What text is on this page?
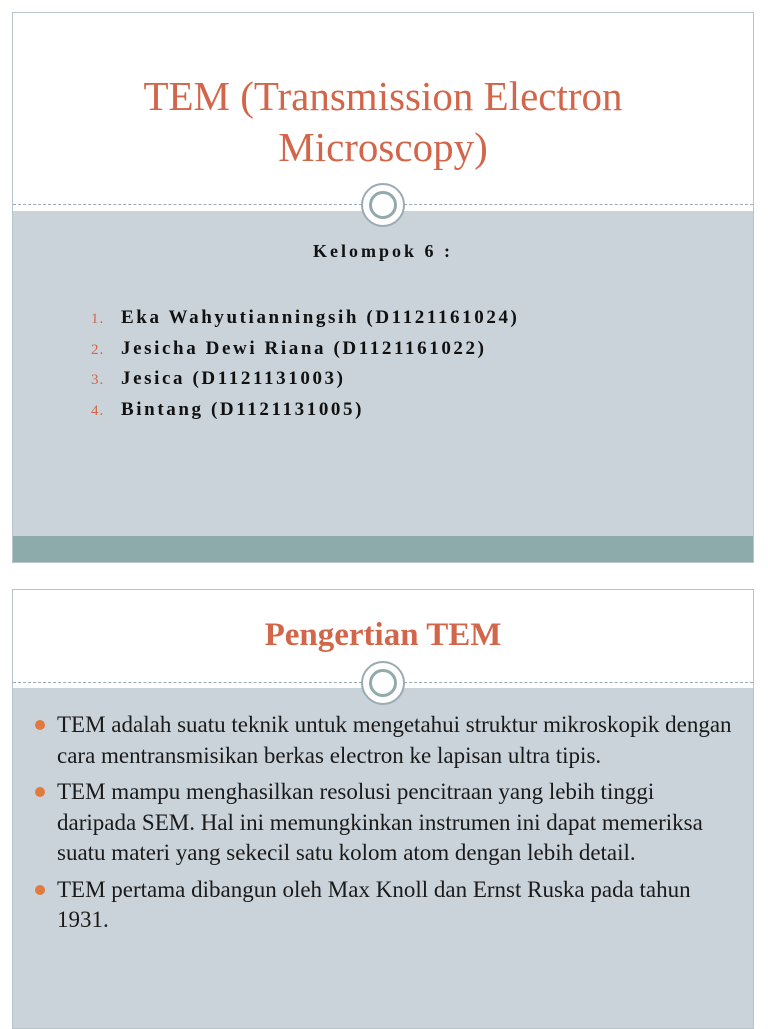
TEM (Transmission Electron
Microscopy)
Kelompok 6 :
1. Eka Wahyutianningsih (D1121161024)
2. Jesicha Dewi Riana (D1121161022)
3. Jesica (D1121131003)
4. Bintang (D1121131005)
Pengertian TEM
TEM adalah suatu teknik untuk mengetahui struktur mikroskopik dengan cara mentransmisikan berkas electron ke lapisan ultra tipis.
TEM mampu menghasilkan resolusi pencitraan yang lebih tinggi daripada SEM. Hal ini memungkinkan instrumen ini dapat memeriksa suatu materi yang sekecil satu kolom atom dengan lebih detail.
TEM pertama dibangun oleh Max Knoll dan Ernst Ruska pada tahun 1931.
